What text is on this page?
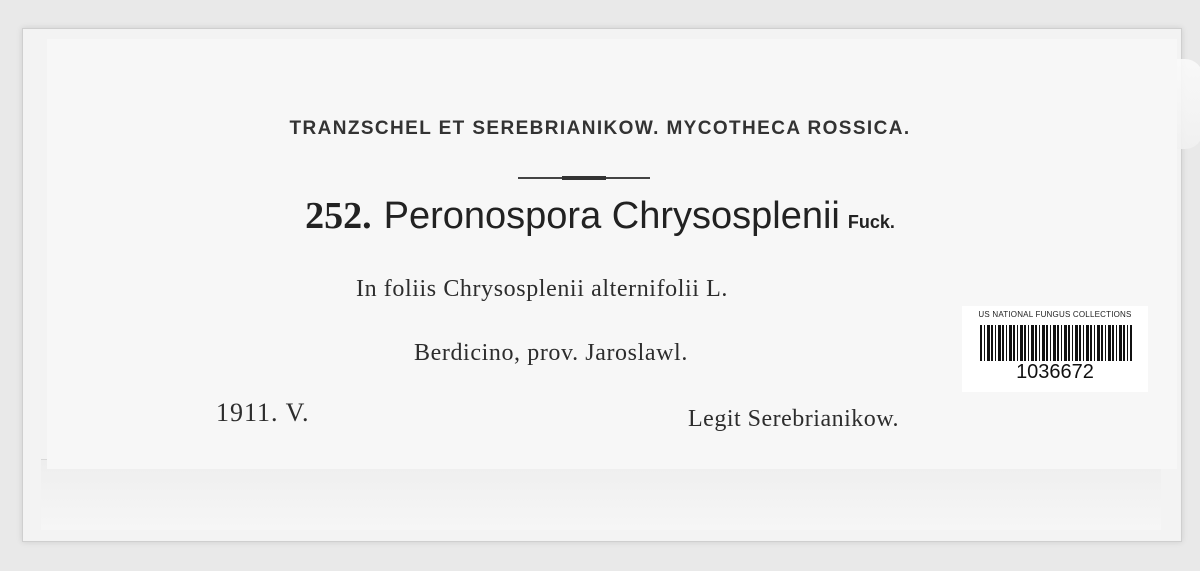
TRANZSCHEL ET SEREBRIANIKOW. MYCOTHECA ROSSICA.
252. Peronospora Chrysosplenii Fuck.
In foliis Chrysosplenii alternifolii L.
Berdicino, prov. Jaroslawl.
1911. V.	Legit Serebrianikow.
US NATIONAL FUNGUS COLLECTIONS
1036672
